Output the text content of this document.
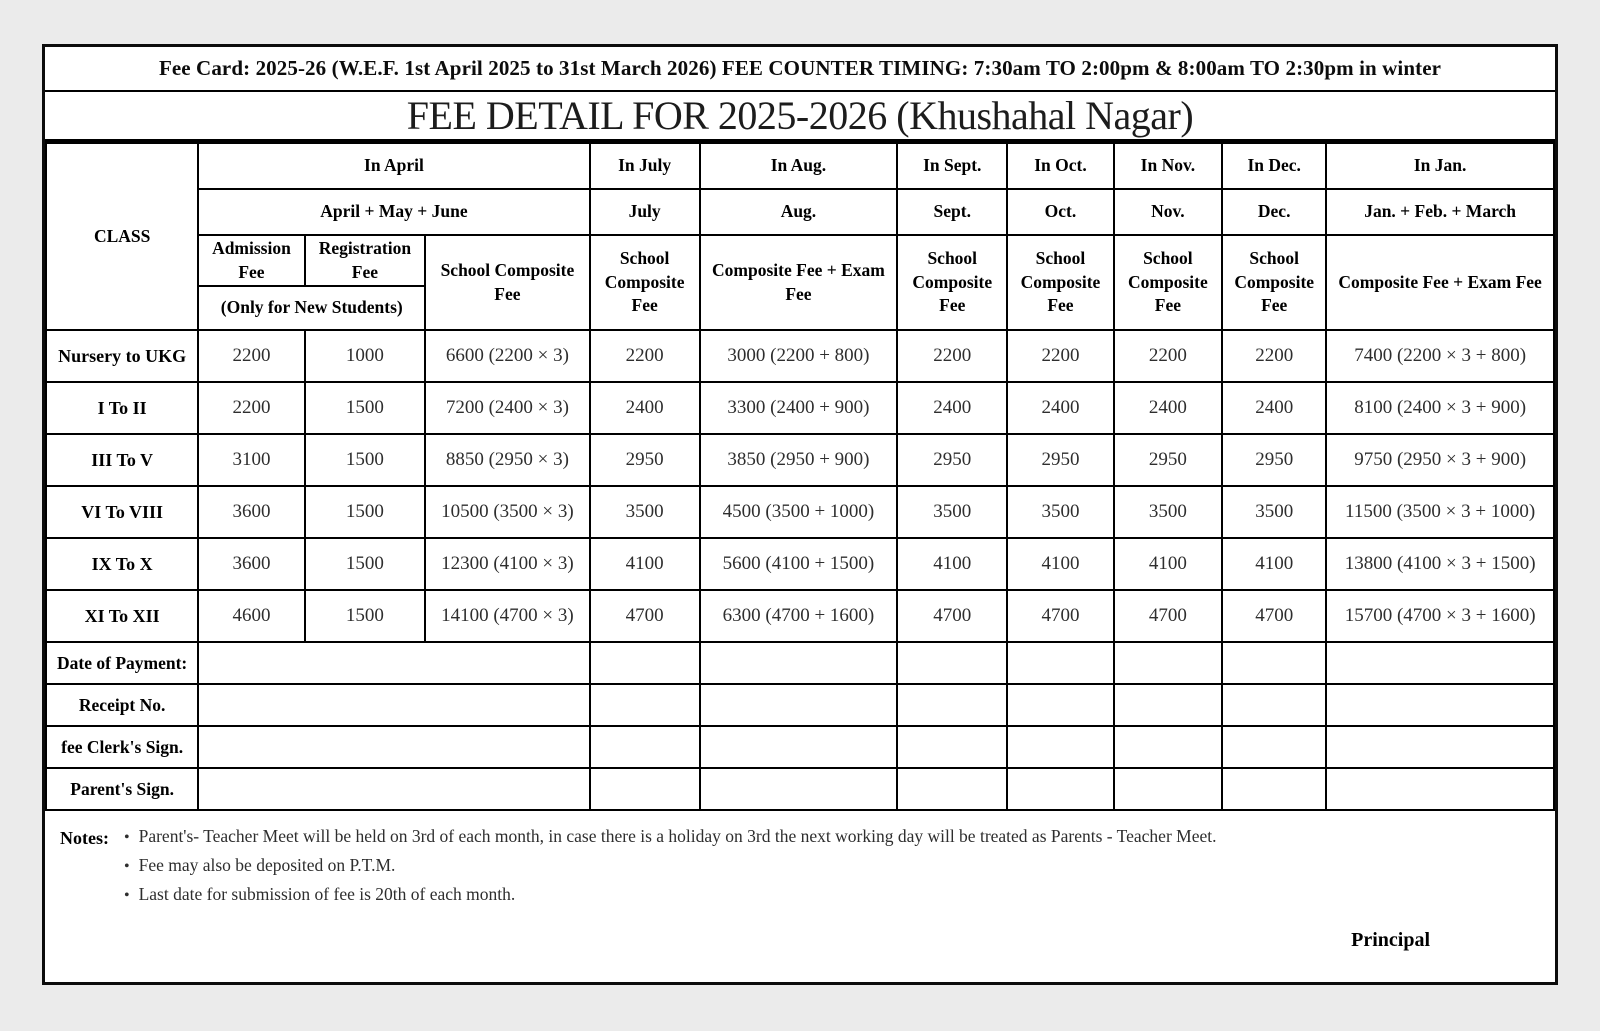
Fee Card: 2025-26 (W.E.F. 1st April 2025 to 31st March 2026) FEE COUNTER TIMING: 7:30am TO 2:00pm & 8:00am TO 2:30pm in winter
FEE DETAIL FOR 2025-2026 (Khushahal Nagar)
CLASS	In April			In July	In Aug.	In Sept.	In Oct.	In Nov.	In Dec.	In Jan.
	April + May + June			July	Aug.	Sept.	Oct.	Nov.	Dec.	Jan. + Feb. + March
	Admission Fee	Registration Fee	School Composite Fee	School Composite Fee	Composite Fee + Exam Fee	School Composite Fee	School Composite Fee	School Composite Fee	School Composite Fee	Composite Fee + Exam Fee
	(Only for New Students)									
Nursery to UKG	2200	1000	6600 (2200 × 3)	2200	3000 (2200 + 800)	2200	2200	2200	2200	7400 (2200 × 3 + 800)
I To II	2200	1500	7200 (2400 × 3)	2400	3300 (2400 + 900)	2400	2400	2400	2400	8100 (2400 × 3 + 900)
III To V	3100	1500	8850 (2950 × 3)	2950	3850 (2950 + 900)	2950	2950	2950	2950	9750 (2950 × 3 + 900)
VI To VIII	3600	1500	10500 (3500 × 3)	3500	4500 (3500 + 1000)	3500	3500	3500	3500	11500 (3500 × 3 + 1000)
IX To X	3600	1500	12300 (4100 × 3)	4100	5600 (4100 + 1500)	4100	4100	4100	4100	13800 (4100 × 3 + 1500)
XI To XII	4600	1500	14100 (4700 × 3)	4700	6300 (4700 + 1600)	4700	4700	4700	4700	15700 (4700 × 3 + 1600)
Date of Payment:										
Receipt No.										
fee Clerk's Sign.										
Parent's Sign.										
Notes: • Parent's- Teacher Meet will be held on 3rd of each month, in case there is a holiday on 3rd the next working day will be treated as Parents - Teacher Meet.
• Fee may also be deposited on P.T.M.
• Last date for submission of fee is 20th of each month.
Principal
